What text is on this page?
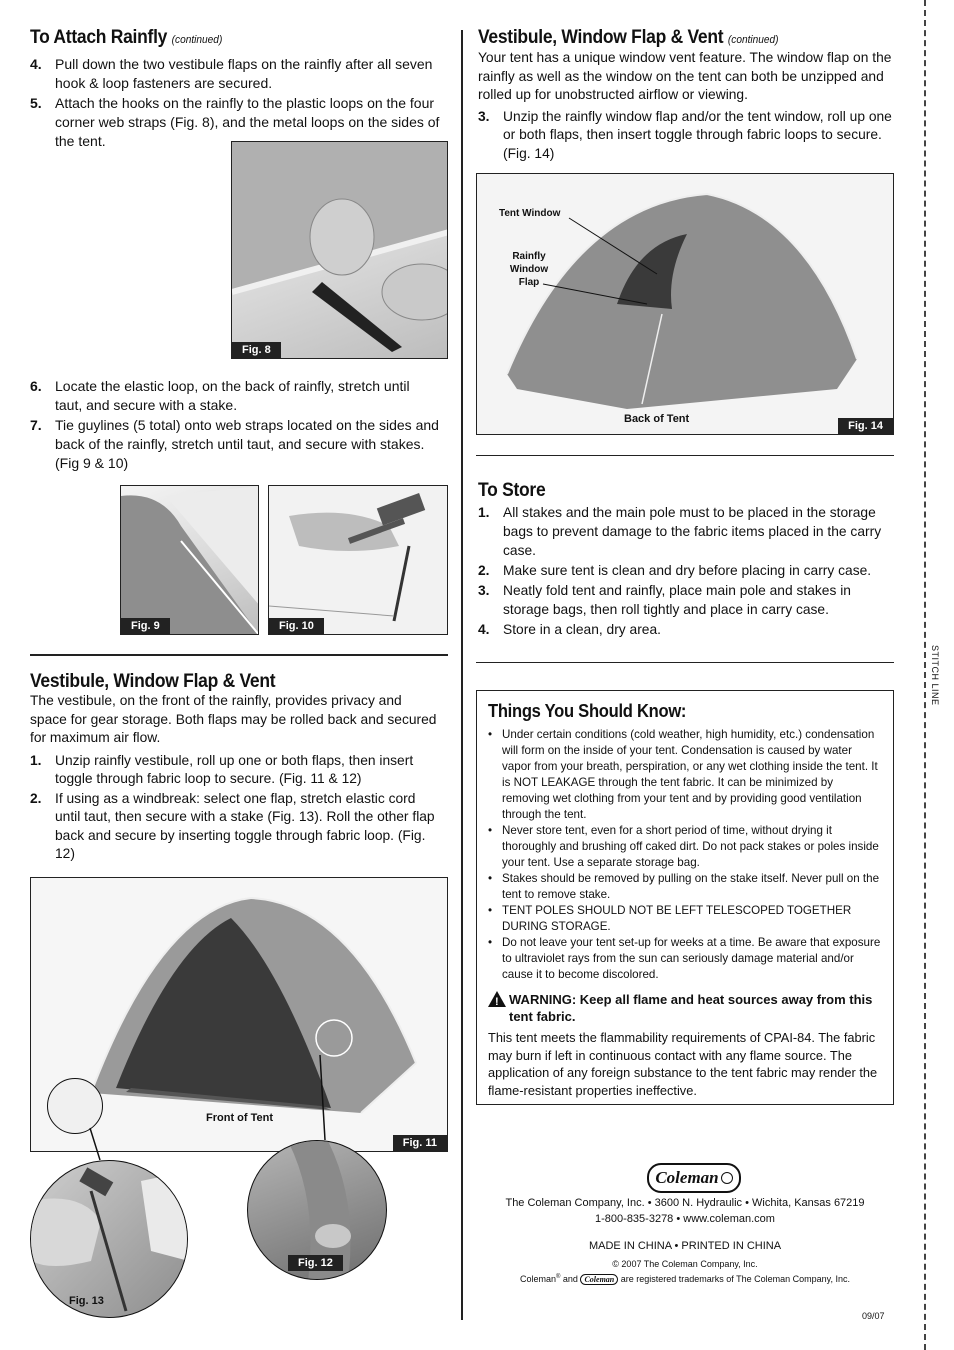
To Attach Rainfly (continued)
4. Pull down the two vestibule flaps on the rainfly after all seven hook & loop fasteners are secured.
5. Attach the hooks on the rainfly to the plastic loops on the four corner web straps (Fig. 8), and the metal loops on the sides of the tent.
Fig. 8
6. Locate the elastic loop, on the back of rainfly, stretch until taut, and secure with a stake.
7. Tie guylines (5 total) onto web straps located on the sides and back of the rainfly, stretch until taut, and secure with stakes. (Fig 9 & 10)
Fig. 9	Fig. 10
Vestibule, Window Flap & Vent

The vestibule, on the front of the rainfly, provides privacy and space for gear storage. Both flaps may be rolled back and secured for maximum air flow.

1. Unzip rainfly vestibule, roll up one or both flaps, then insert toggle through fabric loop to secure. (Fig. 11 & 12)
2. If using as a windbreak: select one flap, stretch elastic cord until taut, then secure with a stake (Fig. 13). Roll the other flap back and secure by inserting toggle through fabric loop. (Fig. 12)
Front of Tent
Fig. 11
Fig. 13
Fig. 12
Vestibule, Window Flap & Vent (continued)

Your tent has a unique window vent feature. The window flap on the rainfly as well as the window on the tent can both be unzipped and rolled up for unobstructed airflow or viewing.

3. Unzip the rainfly window flap and/or the tent window, roll up one or both flaps, then insert toggle through fabric loops to secure. (Fig. 14)
Tent Window
Rainfly
Window
Flap
Back of Tent
Fig. 14
To Store
1. All stakes and the main pole must to be placed in the storage bags to prevent damage to the fabric items placed in the carry case.
2. Make sure tent is clean and dry before placing in carry case.
3. Neatly fold tent and rainfly, place main pole and stakes in storage bags, then roll tightly and place in carry case.
4. Store in a clean, dry area.
Things You Should Know:
• Under certain conditions (cold weather, high humidity, etc.) condensation will form on the inside of your tent. Condensation is caused by water vapor from your breath, perspiration, or any wet clothing inside the tent. It is NOT LEAKAGE through the tent fabric. It can be minimized by removing wet clothing from your tent and by providing good ventilation through the tent.
• Never store tent, even for a short period of time, without drying it thoroughly and brushing off caked dirt. Do not pack stakes or poles inside your tent. Use a separate storage bag.
• Stakes should be removed by pulling on the stake itself. Never pull on the tent to remove stake.
• TENT POLES SHOULD NOT BE LEFT TELESCOPED TOGETHER DURING STORAGE.
• Do not leave your tent set-up for weeks at a time. Be aware that exposure to ultraviolet rays from the sun can seriously damage material and/or cause it to become discolored.
! WARNING: Keep all flame and heat sources away from this tent fabric.

This tent meets the flammability requirements of CPAI-84. The fabric may burn if left in continuous contact with any flame source. The application of any foreign substance to the tent fabric may render the flame-resistant properties ineffective.

Coleman
The Coleman Company, Inc. • 3600 N. Hydraulic • Wichita, Kansas 67219
1-800-835-3278 • www.coleman.com
MADE IN CHINA • PRINTED IN CHINA
© 2007 The Coleman Company, Inc.
Coleman® and Coleman are registered trademarks of The Coleman Company, Inc.
09/07
STITCH LINE
